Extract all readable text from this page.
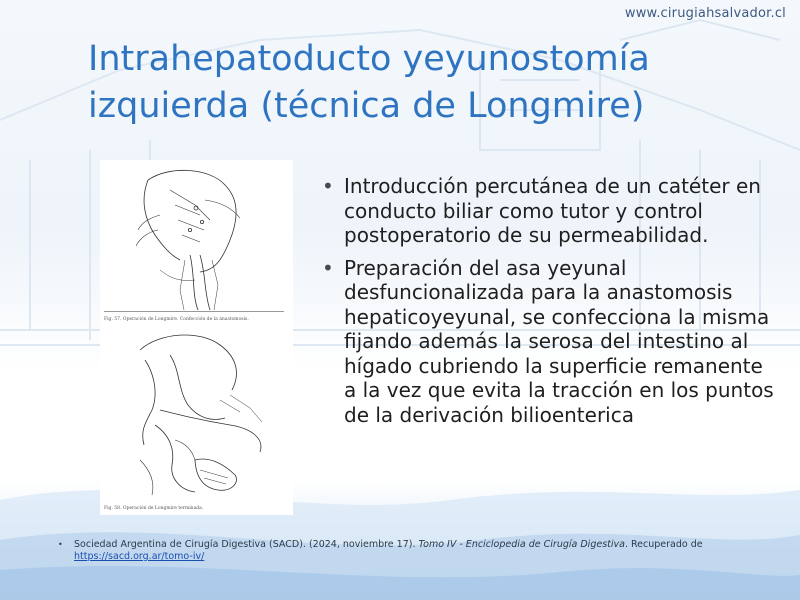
www.cirugiahsalvador.cl
Intrahepatoducto yeyunostomía izquierda (técnica de Longmire)
Fig. 57. Operación de Longmire. Confección de la anastomosis.
Fig. 58. Operación de Longmire terminada.
• Introducción percutánea de un catéter en conducto biliar como tutor y control postoperatorio de su permeabilidad.
• Preparación del asa yeyunal desfuncionalizada para la anastomosis hepaticoyeyunal, se confecciona la misma fijando además la serosa del intestino al hígado cubriendo la superficie remanente a la vez que evita la tracción en los puntos de la derivación bilioenterica
•	Sociedad Argentina de Cirugía Digestiva (SACD). (2024, noviembre 17). Tomo IV - Enciclopedia de Cirugía Digestiva. Recuperado de
https://sacd.org.ar/tomo-iv/
